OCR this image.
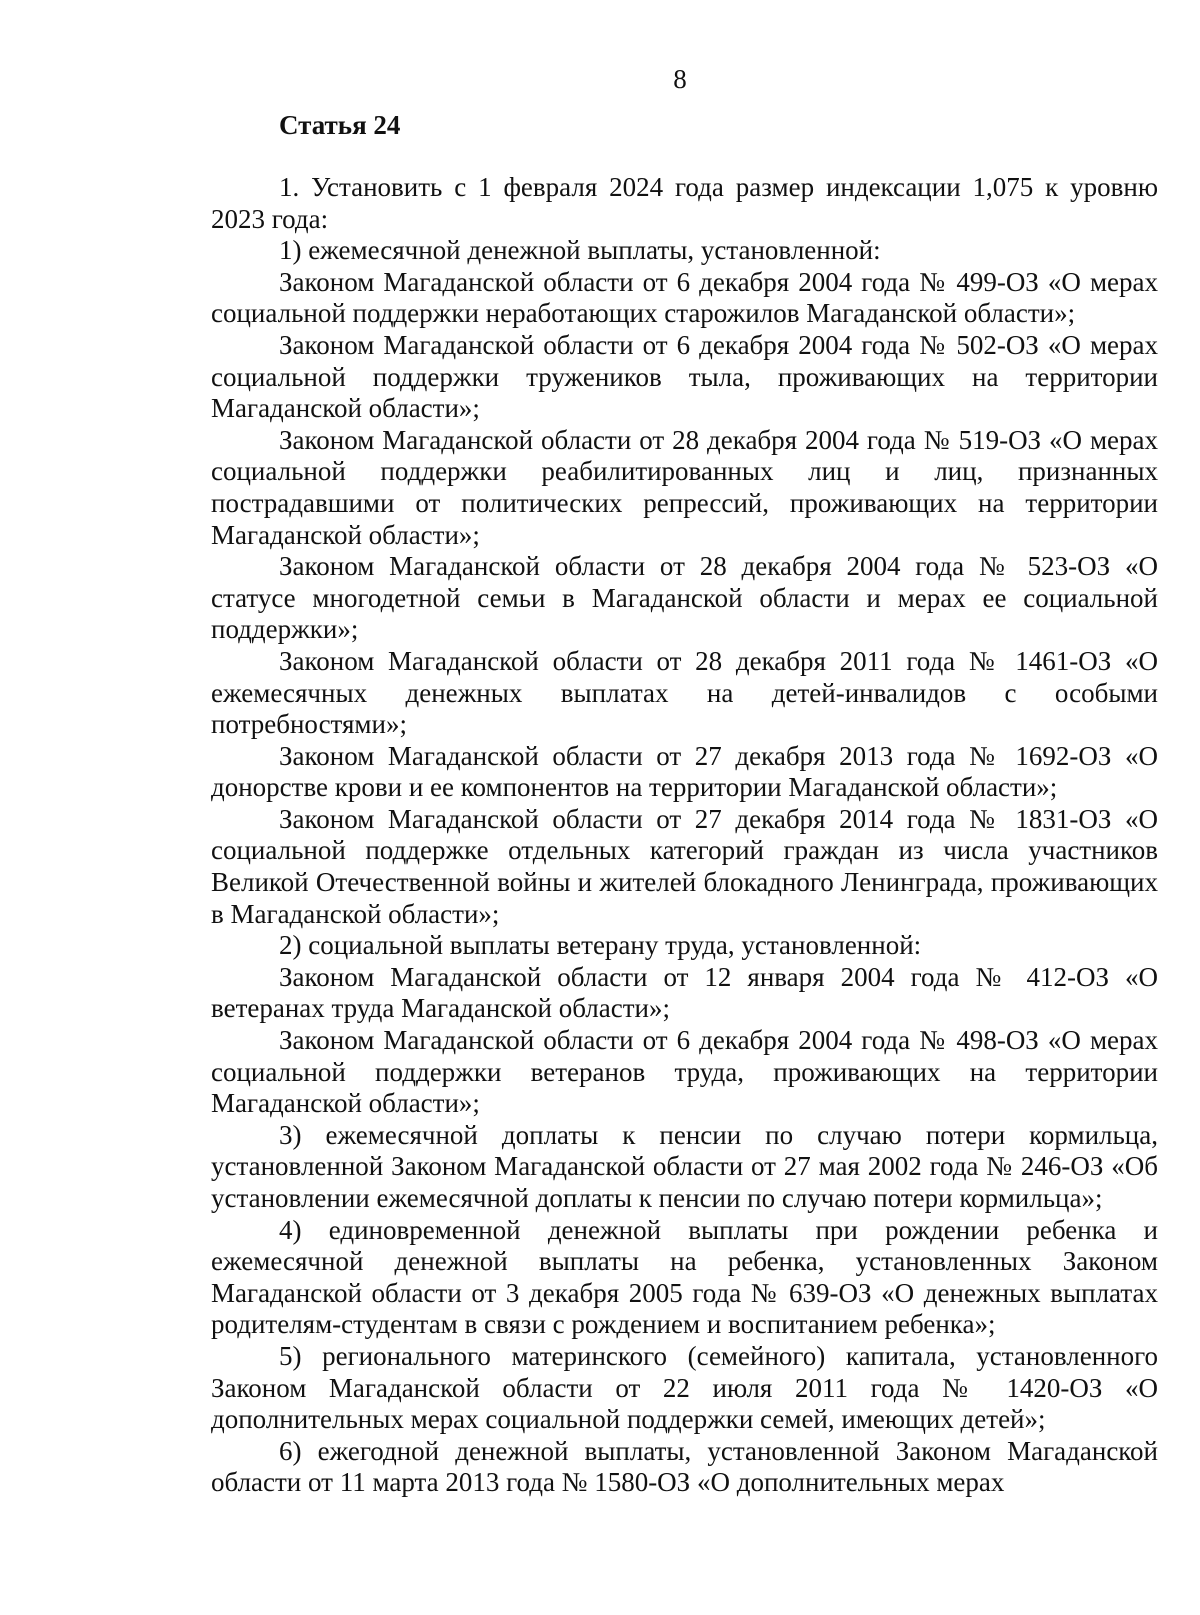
8
Статья 24

1. Установить с 1 февраля 2024 года размер индексации 1,075 к уровню 2023 года:

1) ежемесячной денежной выплаты, установленной:

Законом Магаданской области от 6 декабря 2004 года № 499-ОЗ «О мерах социальной поддержки неработающих старожилов Магаданской области»;

Законом Магаданской области от 6 декабря 2004 года № 502-ОЗ «О мерах социальной поддержки тружеников тыла, проживающих на территории Магаданской области»;

Законом Магаданской области от 28 декабря 2004 года № 519-ОЗ «О мерах социальной поддержки реабилитированных лиц и лиц, признанных пострадавшими от политических репрессий, проживающих на территории Магаданской области»;

Законом Магаданской области от 28 декабря 2004 года № 523-ОЗ «О статусе многодетной семьи в Магаданской области и мерах ее социальной поддержки»;

Законом Магаданской области от 28 декабря 2011 года № 1461-ОЗ «О ежемесячных денежных выплатах на детей-инвалидов с особыми потребностями»;

Законом Магаданской области от 27 декабря 2013 года № 1692-ОЗ «О донорстве крови и ее компонентов на территории Магаданской области»;

Законом Магаданской области от 27 декабря 2014 года № 1831-ОЗ «О социальной поддержке отдельных категорий граждан из числа участников Великой Отечественной войны и жителей блокадного Ленинграда, проживающих в Магаданской области»;

2) социальной выплаты ветерану труда, установленной:

Законом Магаданской области от 12 января 2004 года № 412-ОЗ «О ветеранах труда Магаданской области»;

Законом Магаданской области от 6 декабря 2004 года № 498-ОЗ «О мерах социальной поддержки ветеранов труда, проживающих на территории Магаданской области»;

3) ежемесячной доплаты к пенсии по случаю потери кормильца, установленной Законом Магаданской области от 27 мая 2002 года № 246-ОЗ «Об установлении ежемесячной доплаты к пенсии по случаю потери кормильца»;

4) единовременной денежной выплаты при рождении ребенка и ежемесячной денежной выплаты на ребенка, установленных Законом Магаданской области от 3 декабря 2005 года № 639-ОЗ «О денежных выплатах родителям-студентам в связи с рождением и воспитанием ребенка»;

5) регионального материнского (семейного) капитала, установленного Законом Магаданской области от 22 июля 2011 года № 1420-ОЗ «О дополнительных мерах социальной поддержки семей, имеющих детей»;

6) ежегодной денежной выплаты, установленной Законом Магаданской области от 11 марта 2013 года № 1580-ОЗ «О дополнительных мерах
